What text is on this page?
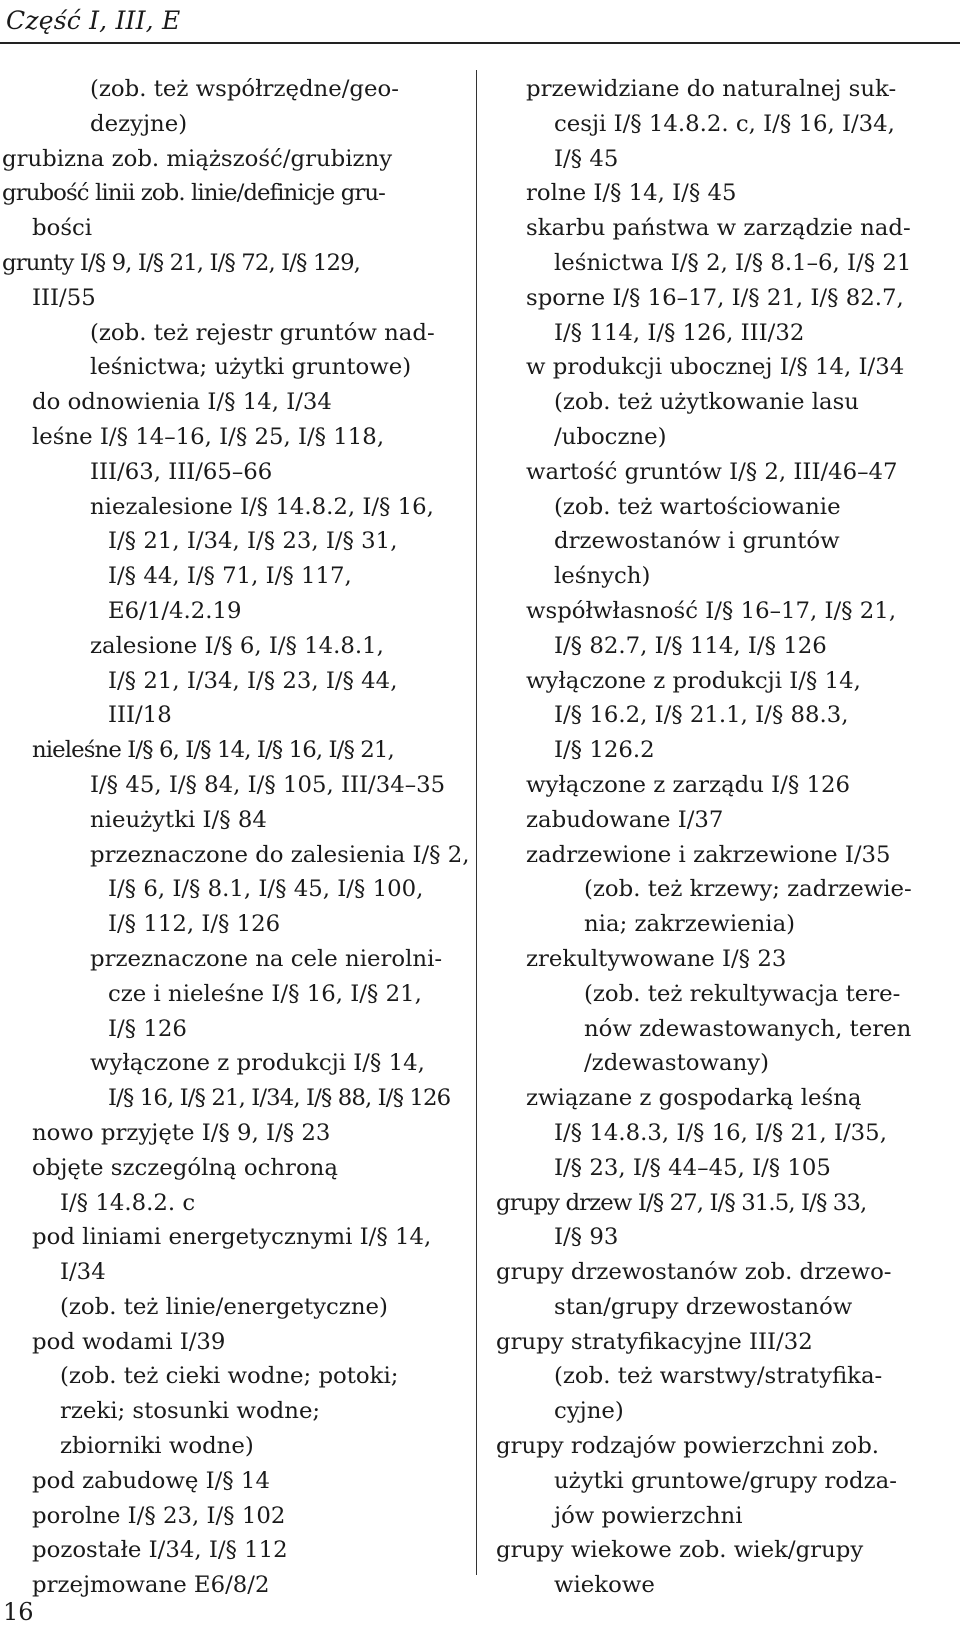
Część I, III, E
(zob. też współrzędne/geo-
dezyjne)
grubizna zob. miąższość/grubizny
grubość linii zob. linie/definicje gru-
bości
grunty I/§ 9, I/§ 21, I/§ 72, I/§ 129,
III/55
(zob. też rejestr gruntów nad-
leśnictwa; użytki gruntowe)
do odnowienia I/§ 14, I/34
leśne I/§ 14–16, I/§ 25, I/§ 118,
III/63, III/65–66
niezalesione I/§ 14.8.2, I/§ 16,
I/§ 21, I/34, I/§ 23, I/§ 31,
I/§ 44, I/§ 71, I/§ 117,
E6/1/4.2.19
zalesione I/§ 6, I/§ 14.8.1,
I/§ 21, I/34, I/§ 23, I/§ 44,
III/18
nieleśne I/§ 6, I/§ 14, I/§ 16, I/§ 21,
I/§ 45, I/§ 84, I/§ 105, III/34–35
nieużytki I/§ 84
przeznaczone do zalesienia I/§ 2,
I/§ 6, I/§ 8.1, I/§ 45, I/§ 100,
I/§ 112, I/§ 126
przeznaczone na cele nierolni-
cze i nieleśne I/§ 16, I/§ 21,
I/§ 126
wyłączone z produkcji I/§ 14,
I/§ 16, I/§ 21, I/34, I/§ 88, I/§ 126
nowo przyjęte I/§ 9, I/§ 23
objęte szczególną ochroną
I/§ 14.8.2. c
pod liniami energetycznymi I/§ 14,
I/34
(zob. też linie/energetyczne)
pod wodami I/39
(zob. też cieki wodne; potoki;
rzeki; stosunki wodne;
zbiorniki wodne)
pod zabudowę I/§ 14
porolne I/§ 23, I/§ 102
pozostałe I/34, I/§ 112
przejmowane E6/8/2
przewidziane do naturalnej suk-
cesji I/§ 14.8.2. c, I/§ 16, I/34,
I/§ 45
rolne I/§ 14, I/§ 45
skarbu państwa w zarządzie nad-
leśnictwa I/§ 2, I/§ 8.1–6, I/§ 21
sporne I/§ 16–17, I/§ 21, I/§ 82.7,
I/§ 114, I/§ 126, III/32
w produkcji ubocznej I/§ 14, I/34
(zob. też użytkowanie lasu
/uboczne)
wartość gruntów I/§ 2, III/46–47
(zob. też wartościowanie
drzewostanów i gruntów
leśnych)
współwłasność I/§ 16–17, I/§ 21,
I/§ 82.7, I/§ 114, I/§ 126
wyłączone z produkcji I/§ 14,
I/§ 16.2, I/§ 21.1, I/§ 88.3,
I/§ 126.2
wyłączone z zarządu I/§ 126
zabudowane I/37
zadrzewione i zakrzewione I/35
(zob. też krzewy; zadrzewie-
nia; zakrzewienia)
zrekultywowane I/§ 23
(zob. też rekultywacja tere-
nów zdewastowanych, teren
/zdewastowany)
związane z gospodarką leśną
I/§ 14.8.3, I/§ 16, I/§ 21, I/35,
I/§ 23, I/§ 44–45, I/§ 105
grupy drzew I/§ 27, I/§ 31.5, I/§ 33,
I/§ 93
grupy drzewostanów zob. drzewo-
stan/grupy drzewostanów
grupy stratyfikacyjne III/32
(zob. też warstwy/stratyfika-
cyjne)
grupy rodzajów powierzchni zob.
użytki gruntowe/grupy rodza-
jów powierzchni
grupy wiekowe zob. wiek/grupy
wiekowe
16
